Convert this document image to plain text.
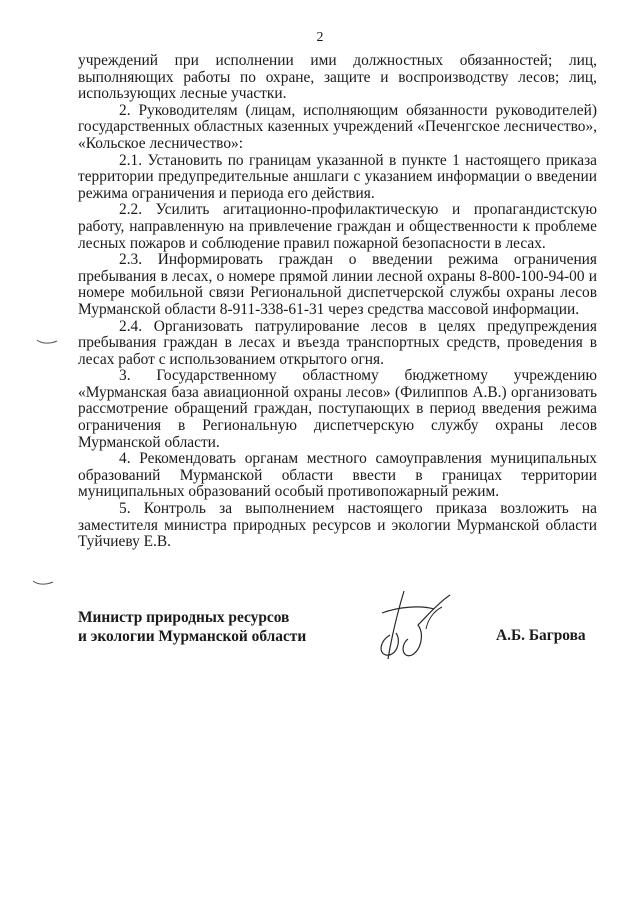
2

учреждений при исполнении ими должностных обязанностей; лиц, выполняющих работы по охране, защите и воспроизводству лесов; лиц, использующих лесные участки.

2. Руководителям (лицам, исполняющим обязанности руководителей) государственных областных казенных учреждений «Печенгское лесничество», «Кольское лесничество»:

2.1. Установить по границам указанной в пункте 1 настоящего приказа территории предупредительные аншлаги с указанием информации о введении режима ограничения и периода его действия.

2.2. Усилить агитационно-профилактическую и пропагандистскую работу, направленную на привлечение граждан и общественности к проблеме лесных пожаров и соблюдение правил пожарной безопасности в лесах.

2.3. Информировать граждан о введении режима ограничения пребывания в лесах, о номере прямой линии лесной охраны 8-800-100-94-00 и номере мобильной связи Региональной диспетчерской службы охраны лесов Мурманской области 8-911-338-61-31 через средства массовой информации.

2.4. Организовать патрулирование лесов в целях предупреждения пребывания граждан в лесах и въезда транспортных средств, проведения в лесах работ с использованием открытого огня.

3. Государственному областному бюджетному учреждению «Мурманская база авиационной охраны лесов» (Филиппов А.В.) организовать рассмотрение обращений граждан, поступающих в период введения режима ограничения в Региональную диспетчерскую службу охраны лесов Мурманской области.

4. Рекомендовать органам местного самоуправления муниципальных образований Мурманской области ввести в границах территории муниципальных образований особый противопожарный режим.

5. Контроль за выполнением настоящего приказа возложить на заместителя министра природных ресурсов и экологии Мурманской области Туйчиеву Е.В.

Министр природных ресурсов
и экологии Мурманской области	А.Б. Багрова
